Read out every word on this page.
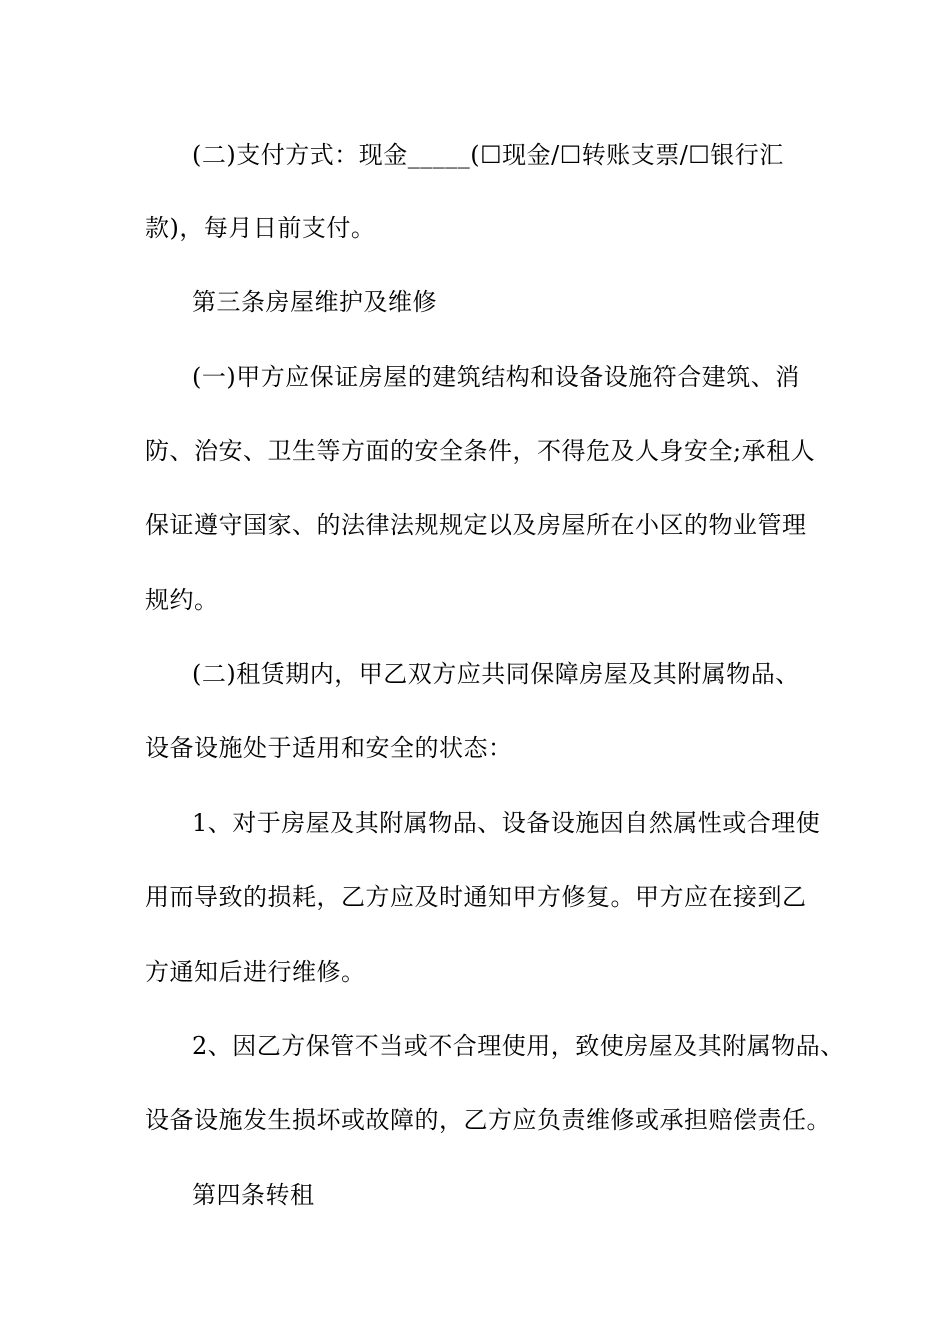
(二)支付方式：现金_____(☐现金/☐转账支票/☐银行汇
款)，每月日前支付。
第三条房屋维护及维修
(一)甲方应保证房屋的建筑结构和设备设施符合建筑、消
防、治安、卫生等方面的安全条件，不得危及人身安全;承租人
保证遵守国家、的法律法规规定以及房屋所在小区的物业管理
规约。
(二)租赁期内，甲乙双方应共同保障房屋及其附属物品、
设备设施处于适用和安全的状态：
1、对于房屋及其附属物品、设备设施因自然属性或合理使
用而导致的损耗，乙方应及时通知甲方修复。甲方应在接到乙
方通知后进行维修。
2、因乙方保管不当或不合理使用，致使房屋及其附属物品、
设备设施发生损坏或故障的，乙方应负责维修或承担赔偿责任。
第四条转租
